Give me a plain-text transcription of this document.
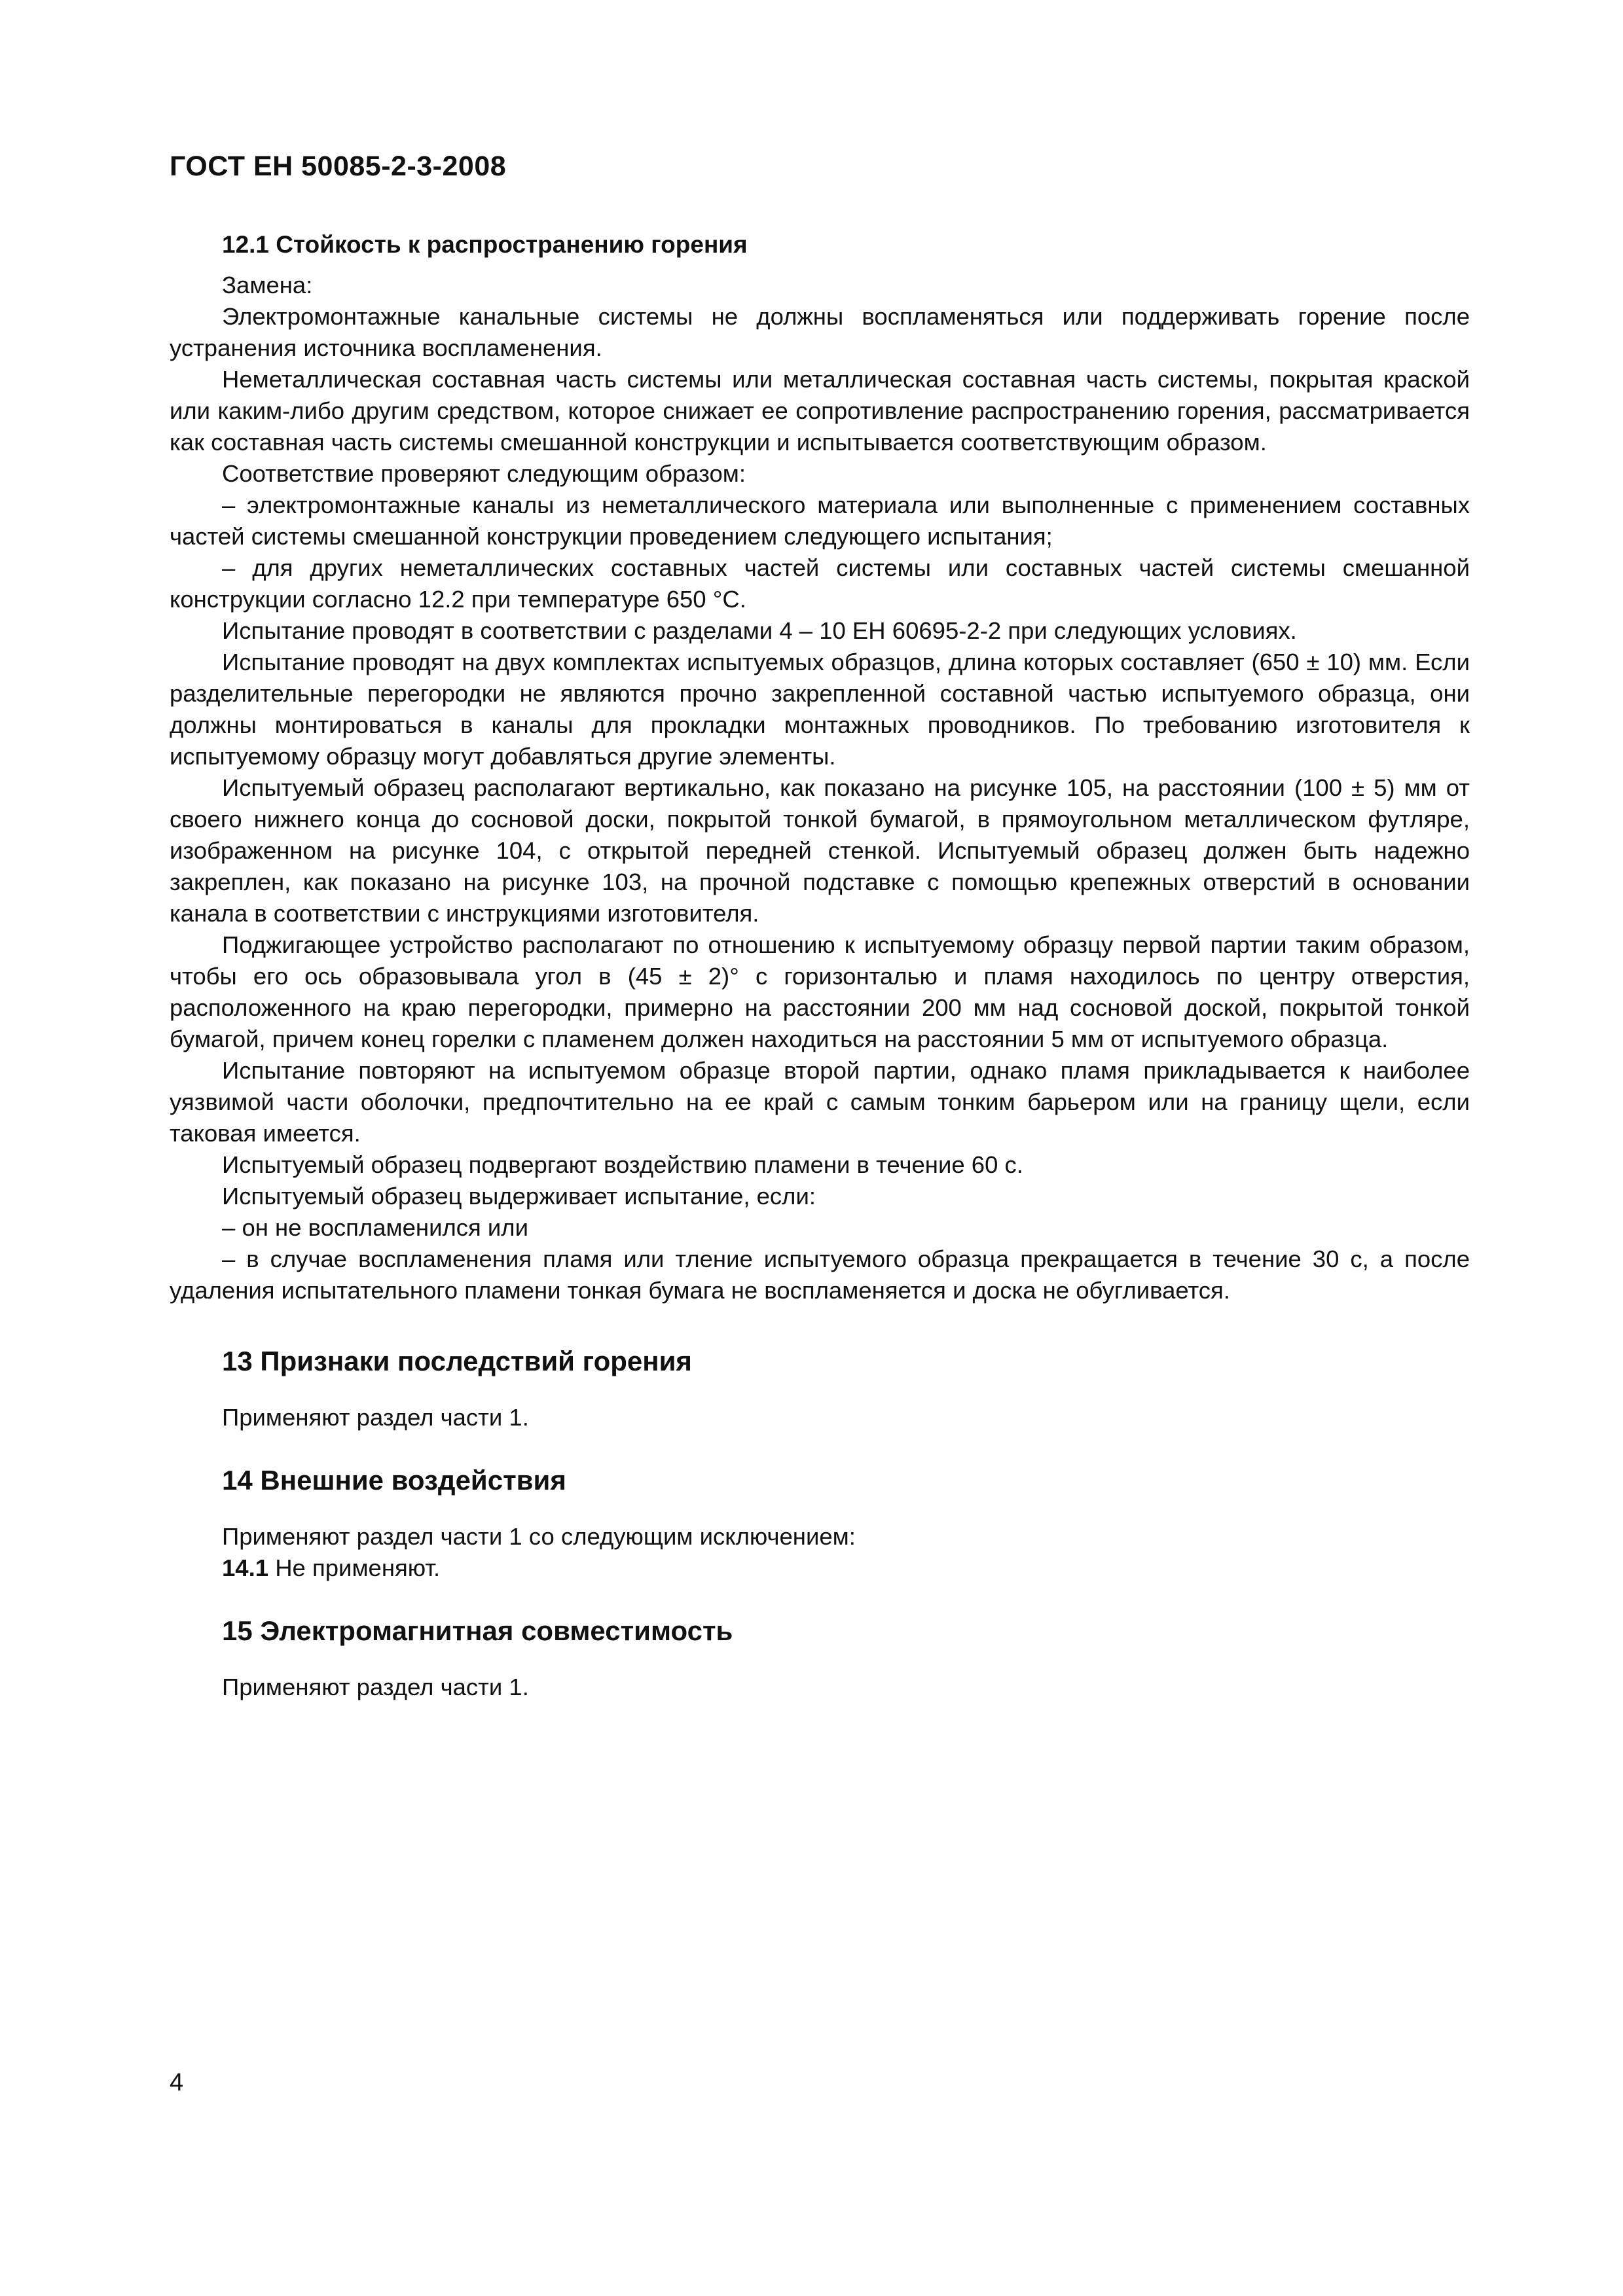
ГОСТ ЕН 50085-2-3-2008

12.1 Стойкость к распространению горения

Замена:

Электромонтажные канальные системы не должны воспламеняться или поддерживать горение после устранения источника воспламенения.

Неметаллическая составная часть системы или металлическая составная часть системы, покрытая краской или каким-либо другим средством, которое снижает ее сопротивление распространению горения, рассматривается как составная часть системы смешанной конструкции и испытывается соответствующим образом.

Соответствие проверяют следующим образом:

– электромонтажные каналы из неметаллического материала или выполненные с применением составных частей системы смешанной конструкции проведением следующего испытания;

– для других неметаллических составных частей системы или составных частей системы смешанной конструкции согласно 12.2 при температуре 650 °С.

Испытание проводят в соответствии с разделами 4 – 10 ЕН 60695-2-2 при следующих условиях.

Испытание проводят на двух комплектах испытуемых образцов, длина которых составляет (650 ± 10) мм. Если разделительные перегородки не являются прочно закрепленной составной частью испытуемого образца, они должны монтироваться в каналы для прокладки монтажных проводников. По требованию изготовителя к испытуемому образцу могут добавляться другие элементы.

Испытуемый образец располагают вертикально, как показано на рисунке 105, на расстоянии (100 ± 5) мм от своего нижнего конца до сосновой доски, покрытой тонкой бумагой, в прямоугольном металлическом футляре, изображенном на рисунке 104, с открытой передней стенкой. Испытуемый образец должен быть надежно закреплен, как показано на рисунке 103, на прочной подставке с помощью крепежных отверстий в основании канала в соответствии с инструкциями изготовителя.

Поджигающее устройство располагают по отношению к испытуемому образцу первой партии таким образом, чтобы его ось образовывала угол в (45 ± 2)° с горизонталью и пламя находилось по центру отверстия, расположенного на краю перегородки, примерно на расстоянии 200 мм над сосновой доской, покрытой тонкой бумагой, причем конец горелки с пламенем должен находиться на расстоянии 5 мм от испытуемого образца.

Испытание повторяют на испытуемом образце второй партии, однако пламя прикладывается к наиболее уязвимой части оболочки, предпочтительно на ее край с самым тонким барьером или на границу щели, если таковая имеется.

Испытуемый образец подвергают воздействию пламени в течение 60 с.

Испытуемый образец выдерживает испытание, если:

– он не воспламенился или

– в случае воспламенения пламя или тление испытуемого образца прекращается в течение 30 с, а после удаления испытательного пламени тонкая бумага не воспламеняется и доска не обугливается.

13 Признаки последствий горения

Применяют раздел части 1.

14 Внешние воздействия

Применяют раздел части 1 со следующим исключением:

14.1 Не применяют.

15 Электромагнитная совместимость

Применяют раздел части 1.

4
